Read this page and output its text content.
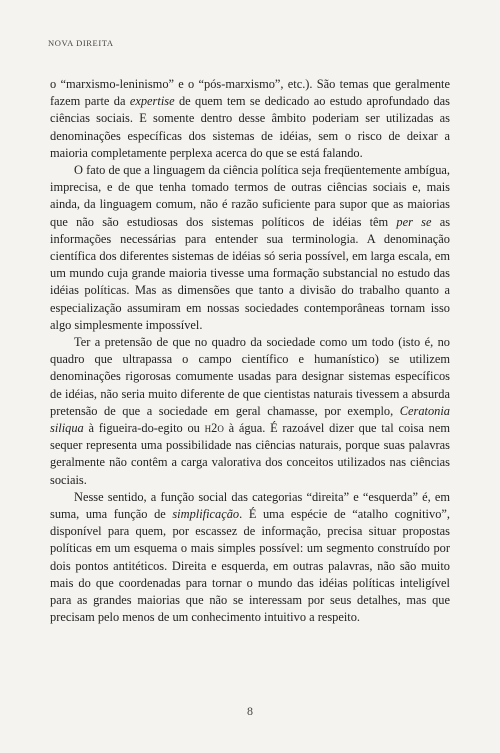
NOVA DIREITA

o “marxismo-leninismo” e o “pós-marxismo”, etc.). São temas que geralmente fazem parte da expertise de quem tem se dedicado ao estudo aprofundado das ciências sociais. E somente dentro desse âmbito poderiam ser utilizadas as denominações específicas dos sistemas de idéias, sem o risco de deixar a maioria completamente perplexa acerca do que se está falando.

O fato de que a linguagem da ciência política seja freqüentemente ambígua, imprecisa, e de que tenha tomado termos de outras ciências sociais e, mais ainda, da linguagem comum, não é razão suficiente para supor que as maiorias que não são estudiosas dos sistemas políticos de idéias têm per se as informações necessárias para entender sua terminologia. A denominação científica dos diferentes sistemas de idéias só seria possível, em larga escala, em um mundo cuja grande maioria tivesse uma formação substancial no estudo das idéias políticas. Mas as dimensões que tanto a divisão do trabalho quanto a especialização assumiram em nossas sociedades contemporâneas tornam isso algo simplesmente impossível.

Ter a pretensão de que no quadro da sociedade como um todo (isto é, no quadro que ultrapassa o campo científico e humanístico) se utilizem denominações rigorosas comumente usadas para designar sistemas específicos de idéias, não seria muito diferente de que cientistas naturais tivessem a absurda pretensão de que a sociedade em geral chamasse, por exemplo, Ceratonia siliqua à figueira-do-egito ou h2o à água. É razoável dizer que tal coisa nem sequer representa uma possibilidade nas ciências naturais, porque suas palavras geralmente não contêm a carga valorativa dos conceitos utilizados nas ciências sociais.

Nesse sentido, a função social das categorias “direita” e “esquerda” é, em suma, uma função de simplificação. É uma espécie de “atalho cognitivo”, disponível para quem, por escassez de informação, precisa situar propostas políticas em um esquema o mais simples possível: um segmento construído por dois pontos antitéticos. Direita e esquerda, em outras palavras, não são muito mais do que coordenadas para tornar o mundo das idéias políticas inteligível para as grandes maiorias que não se interessam por seus detalhes, mas que precisam pelo menos de um conhecimento intuitivo a respeito.

8
